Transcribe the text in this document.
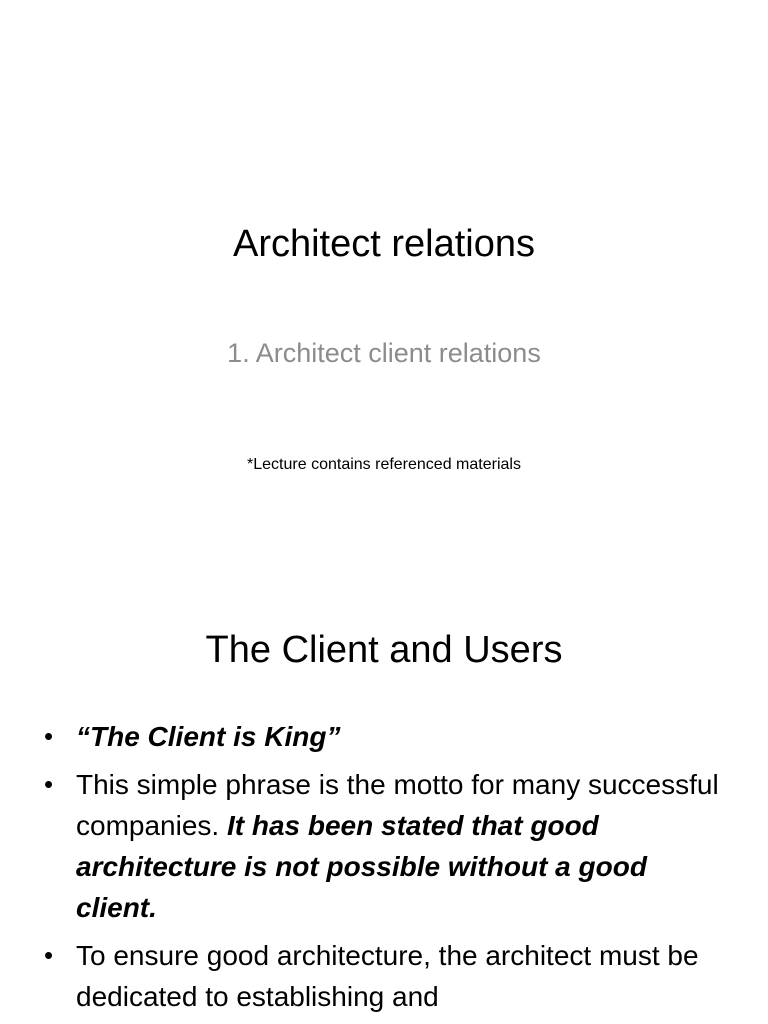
Architect relations
1. Architect client relations
*Lecture contains referenced materials
The Client and Users
• “The Client is King”
• This simple phrase is the motto for many successful companies. It has been stated that good architecture is not possible without a good client.
• To ensure good architecture, the architect must be dedicated to establishing and
